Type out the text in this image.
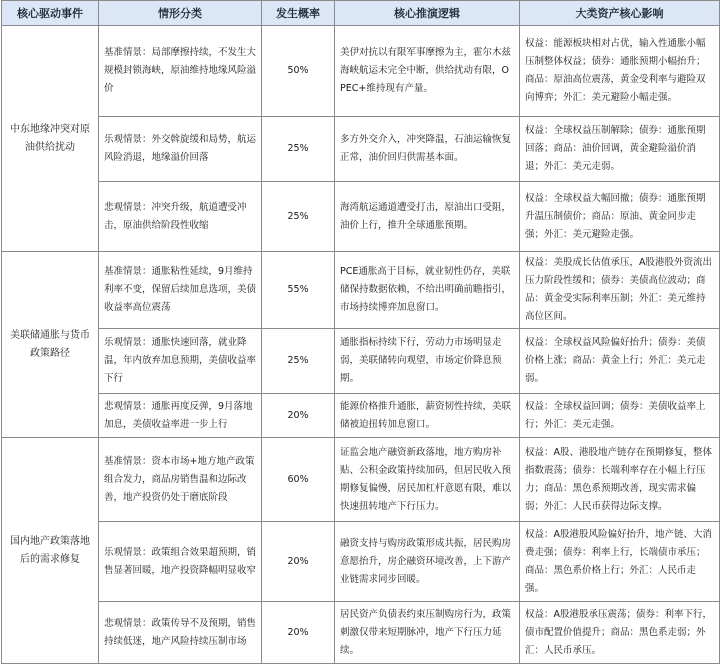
核心驱动事件	情形分类	发生概率	核心推演逻辑	大类资产核心影响
中东地缘冲突对原油供给扰动	基准情景：局部摩擦持续，不发生大规模封锁海峡，原油维持地缘风险溢价	50%	美伊对抗以有限军事摩擦为主，霍尔木兹海峡航运未完全中断，供给扰动有限，OPEC+维持现有产量。	权益：能源板块相对占优，输入性通胀小幅压制整体权益；债券：通胀预期小幅抬升；商品：原油高位震荡，黄金受利率与避险双向博弈；外汇：美元避险小幅走强。
	乐观情景：外交斡旋缓和局势，航运风险消退，地缘溢价回落	25%	多方外交介入，冲突降温，石油运输恢复正常，油价回归供需基本面。	权益：全球权益压制解除；债券：通胀预期回落；商品：油价回调，黄金避险溢价消退；外汇：美元走弱。
	悲观情景：冲突升级，航道遭受冲击，原油供给阶段性收缩	25%	海湾航运通道遭受打击，原油出口受阻，油价上行，推升全球通胀预期。	权益：全球权益大幅回撤；债券：通胀预期升温压制债价；商品：原油、黄金同步走强；外汇：美元避险走强。
美联储通胀与货币政策路径	基准情景：通胀粘性延续，9月维持利率不变，保留后续加息选项，美债收益率高位震荡	55%	PCE通胀高于目标，就业韧性仍存，美联储保持数据依赖，不给出明确前瞻指引，市场持续博弈加息窗口。	权益：美股成长估值承压，A股港股外资流出压力阶段性缓和；债券：美债高位波动；商品：黄金受实际利率压制；外汇：美元维持高位区间。
	乐观情景：通胀快速回落，就业降温，年内放弃加息预期，美债收益率下行	25%	通胀指标持续下行，劳动力市场明显走弱，美联储转向观望，市场定价降息预期。	权益：全球权益风险偏好抬升；债券：美债价格上涨；商品：黄金上行；外汇：美元走弱。
	悲观情景：通胀再度反弹，9月落地加息，美债收益率进一步上行	20%	能源价格推升通胀，薪资韧性持续，美联储被迫扭转加息窗口。	权益：全球权益回调；债券：美债收益率上行；外汇：美元走强。
国内地产政策落地后的需求修复	基准情景：资本市场+地方地产政策组合发力，商品房销售温和边际改善，地产投资仍处于磨底阶段	60%	证监会地产融资新政落地，地方购房补贴、公积金政策持续加码，但居民收入预期修复偏慢，居民加杠杆意愿有限，难以快速扭转地产下行压力。	权益：A股、港股地产链存在预期修复，整体指数震荡；债券：长端利率存在小幅上行压力；商品：黑色系预期改善，现实需求偏弱；外汇：人民币获得边际支撑。
	乐观情景：政策组合效果超预期，销售显著回暖，地产投资降幅明显收窄	20%	融资支持与购房政策形成共振，居民购房意愿抬升，房企融资环境改善，上下游产业链需求同步回暖。	权益：A股港股风险偏好抬升，地产链、大消费走强；债券：利率上行，长端债市承压；商品：黑色系价格上行；外汇：人民币走强。
	悲观情景：政策传导不及预期，销售持续低迷，地产风险持续压制市场	20%	居民资产负债表约束压制购房行为，政策刺激仅带来短期脉冲，地产下行压力延续。	权益：A股港股承压震荡；债券：利率下行，债市配置价值提升；商品：黑色系走弱；外汇：人民币承压。
